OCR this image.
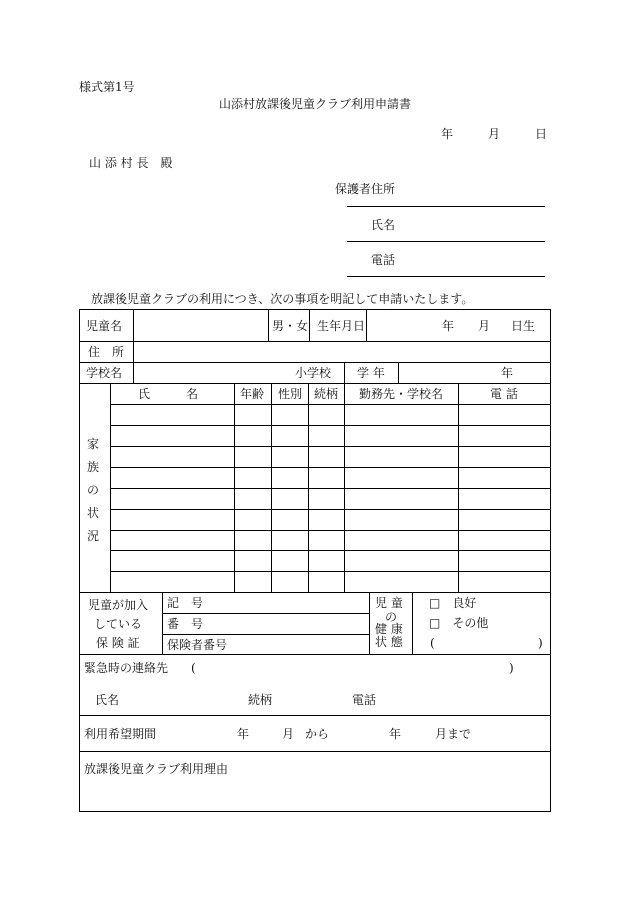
様式第1号
山添村放課後児童クラブ利用申請書
年	月	日
山 添 村 長　殿
保護者住所
氏名
電話
放課後児童クラブの利用につき、次の事項を明記して申請いたします。
児童名	男・女 生年月日	年 月 日生
住　所
学校名	小学校 学 年	年
家
族
の
状
況
氏　　　名	年齢 性別 続柄 勤務先・学校名	電 話
児童が加入
している
保 険 証
記　号
番　号
保険者番号
児 童
の
健 康
状 態
□　良好
□　その他
(	)
緊急時の連絡先 (	)
氏名	続柄	電話
利用希望期間	年	月 から	年	月まで
放課後児童クラブ利用理由
